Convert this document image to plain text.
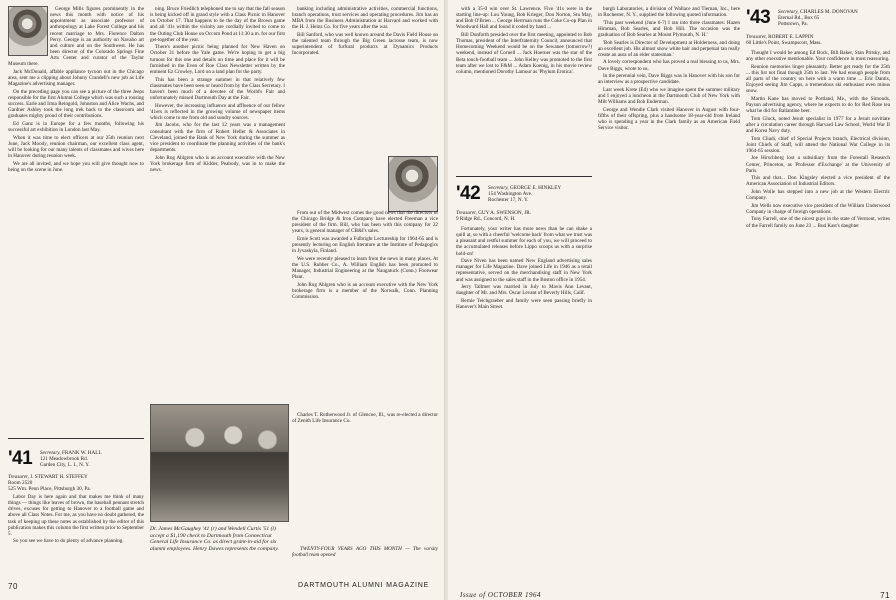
George Mills figures prominently in the news this month with notice of his appointment as associate professor of anthropology at Lake Forest College and his recent marriage to Mrs. Florence Dalton Perry. George is an authority on Navaho art and culture and on the Southwest. He has been director of the Colorado Springs Fine Arts Center and curator of the Taylor Museum there.

Jack McDonald, affable appliance tycoon out in the Chicago area, sent me a clipping about Johnny Crandell's new job as Life Magazine's advertising manager.

On the preceding page you can see a picture of the three Jeeps responsible for the first Alumni College which was such a rousing success. Earle and Irma Reingold, Johnston and Alice Wachs, and Gardner Ashley took the long trek back to the classroom and graduates mighty proud of their contributions.

Ed Ganz is in Europe for a few months, following his successful art exhibition in London last May.

When it was time to elect officers at our 25th reunion next June, Jack Moody, reunion chairman, our excellent class agent, will be looking for our many talents of classmates and wives here in Hanover during reunion week.

We are all invited, and we hope you will give thought now to being on the scene in June.

'41 Secretary, FRANK W. HALL
121 Meadowbrook Rd.
Garden City, L. I., N. Y.
Treasurer, J. STEWART H. STEFFEY
Room 2520
525 Wm. Penn Place, Pittsburgh 30, Pa.

Labor Day is here again and that makes me think of many things — things like leaves of brown, the baseball pennant stretch drives, excuses for getting to Hanover to a football game and above all Class Notes. For me, as you have no doubt gathered, the task of keeping up these notes as established by the editor of this publication makes this column the first written prior to September 5.

So you see we have to do plenty of advance planning.

ning. Bruce Friedlich telephoned me to say that the fall season is being kicked off in grand style with a Class Picnic in Hanover on October 17. That happens to be the day of the Brown game and all '41s within the vicinity are cordially invited to come to the Outing Club House on Occom Pond at 11:30 a.m. for our first get-together of the year.

There's another picnic being planned for New Haven on October 31 before the Yale game. We're hoping to get a big turnout for this one and details on time and place for it will be furnished in the Even of Roe Class Newsletter written by the eminent Ez Crowley, Lord on a land plan for the party.

This has been a strange summer in that relatively few classmates have been seen or heard from by the Class Secretary. I haven't been much of a devotee of the World's Fair and unfortunately missed Dartmouth Day at the Fair.

However, the increasing influence and affluence of our fellow '41ers is reflected in the growing volume of newspaper items which come to me from old and sundry sources.

Jim Jacobs, who for the last 12 years was a management consultant with the firm of Robert Heller & Associates in Cleveland, joined the Bank of New York during the summer as vice president to coordinate the planning activities of the bank's departments.

John Rog Ahlgren who is an account executive with the New York brokerage firm of Kidder, Peabody, was in to make the news.

banking including administrative activities, commercial functions, branch operations, trust services and operating procedures. Jim has an MBA from the Business Administration at Harvard and worked with the H. J. Heinz Co. for five years after the war.

Bill Sanford, who was well known around the Davis Field House on the talented team through the Big Green lacrosse team, is now superintendent of furfural products at Dynamics Products Incorporated.

From out of the Midwest comes the good news that the directors of the Chicago Bridge & Iron Company have elected Freeman a vice president of the firm. Bill, who has been with this company for 22 years, is general manager of CB&I's sales.

Ernie Scott was awarded a Fulbright Lectureship for 1964-65 and is presently lecturing on English literature at the Institute of Pedagogics in Jyvaskyla, Finland.

We were recently pleased to learn from the news in many places. At the U.S. Rubber Co., A. William English has been promoted to Manager, Industrial Engineering at the Naugatuck (Conn.) Footwear Plant.

John Rog Ahlgren who is an account executive with the New York brokerage firm is a member of the Norwalk, Conn. Planning Commission.

Dr. James McGaughey '41 (r) and Wendell Curtis '51 (l) accept a $1,190 check to Dartmouth from Connecticut General Life Insurance Co. as direct grant-in-aid for six alumni employees. Henry Dawes represents the company.

Charles T. Rotherwood Jr. of Glencoe, Ill., was re-elected a director of Zenith Life Insurance Co.

TWENTY-FOUR YEARS AGO THIS MONTH — The varsity football team opened
70	DARTMOUTH ALUMNI MAGAZINE

with a 35-0 win over St. Lawrence. Five '41s were in the starting line-up: Lou Young, Bob Krieger, Don Norton, Stu May, and Bob O'Brien ... George Herrman runs the Coke Co-op Plan in Woodward Hall and found it coded by hand ...

Bill Dunforth presided over the first meeting, appointed to Bob Thomas, president of the Interfraternity Council, announced that Homecoming Weekend would be on the Sewanee (tomorrow?) weekend, instead of Cornell ... Jack Hoerner was the star of the Beta touch-football team ... John Kelley was promoted to the first team after we lost to F&M ... Adam Koenig, in his movie review column, mentioned Dorothy Lamour as 'Phylum Erotica'.

'42 Secretary, GEORGE E. HINKLEY
154 Washington Ave.
Rochester 17, N. Y.
Treasurer, GUY A. SWENSON, JR.
9 Ridge Rd., Concord, N. H.

Fortunately, your writer has more news than he can shake a quill at, so with a cheerful 'welcome back' from what we trust was a pleasant and restful summer for each of you, we will proceed to the accumulated releases before Lippo scoops us with a surprise hold-on!

Dave Niven has been named New England advertising sales manager for Life Magazine. Dave joined Life in 1946 as a retail representative, served on the merchandising staff in New York and was assigned to the sales staff in the Boston office in 1954.

Jerry Tallmer was married in July to Mavis Ann Levant, daughter of Mr. and Mrs. Oscar Levant of Beverly Hills, Calif.

Bernie Teichgraeber and family were seen passing briefly in Hanover's Main Street.

burgh Laboratories, a division of Wallace and Tiernan, Inc., here in Rochester, N. Y., supplied the following quoted information.

'This past weekend (June 6-7) I ran into three classmates: Hazen Himman, Bob Searles, and Bob Hill. The occasion was the graduation of Bob Searles at Mount Plymouth, N. H.'

'Bob Searles is Director of Development at Holderness, and doing an excellent job. His almost snow white hair and perpetual tan really create an aura of an elder statesman.'

A lovely correspondent who has proved a real blessing to us, Mrs. Dave Biggs, wrote to us.

In the perennial vein, Dave Biggs was in Hanover with his son for an interview as a prospective candidate.

Last week Krete (Ed) who we imagine spent the summer military and I enjoyed a luncheon at the Dartmouth Club of New York with Milt Williams and Bob Enderman.

George and Wendie Clark visited Hanover in August with four-fifths of their offspring, plus a handsome 18-year-old from Ireland who is spending a year in the Clark family as an American Field Service visitor.

'43 Secretary, CHARLES M. DONOVAN
Eternal Rd., Box 65
Pottstown, Pa.
Treasurer, ROBERT E. LAPPIN
60 Little's Point, Swampscott, Mass.

Thought I would be among Ed Bock, Bill Baker, Stan Pritsky, and any other executive mentionable. Your confidence in most reassuring.

Reunion memories linger pleasantly. Better get ready for the 25th ... this list not final though 25th to last. We had enough people from all parts of the country on here with a warm time ... Eric Dantis, Enjoyed seeing Jim Capps, a tremendous ski enthusiast even minus snow.

Martin Kane has moved to Portland, Me., with the Simonds, Payson advertising agency, where he expects to do for Red Rose tea what he did for Ballantine beer.

Tom Gluck, noted Jesuit specialist in 1977 for a Jesuit novitiate after a circulation career through Harvard Law School, World War II and Korea Navy duty.

Tom Cliadi, chief of Special Projects branch, Electrical division, Joint Chiefs of Staff, will attend the National War College in its 1964-65 session.

Joe Hirschberg lost a subsidiary from the Forestall Research Center, Princeton, as 'Professor d'Exchange' at the University of Paris.

This and that... Don Kingsley elected a vice president of the American Association of Industrial Editors.

John Wolle has stepped into a new job at the Western Electric Company.

Jim Wells now executive vice president of the William Underwood Company in charge of foreign operations.

Tony Farrell, one of the nicest guys in the state of Vermont, writes of the Farrell family on June 23 ... Bud Kast's daughter

Issue of OCTOBER 1964	71
